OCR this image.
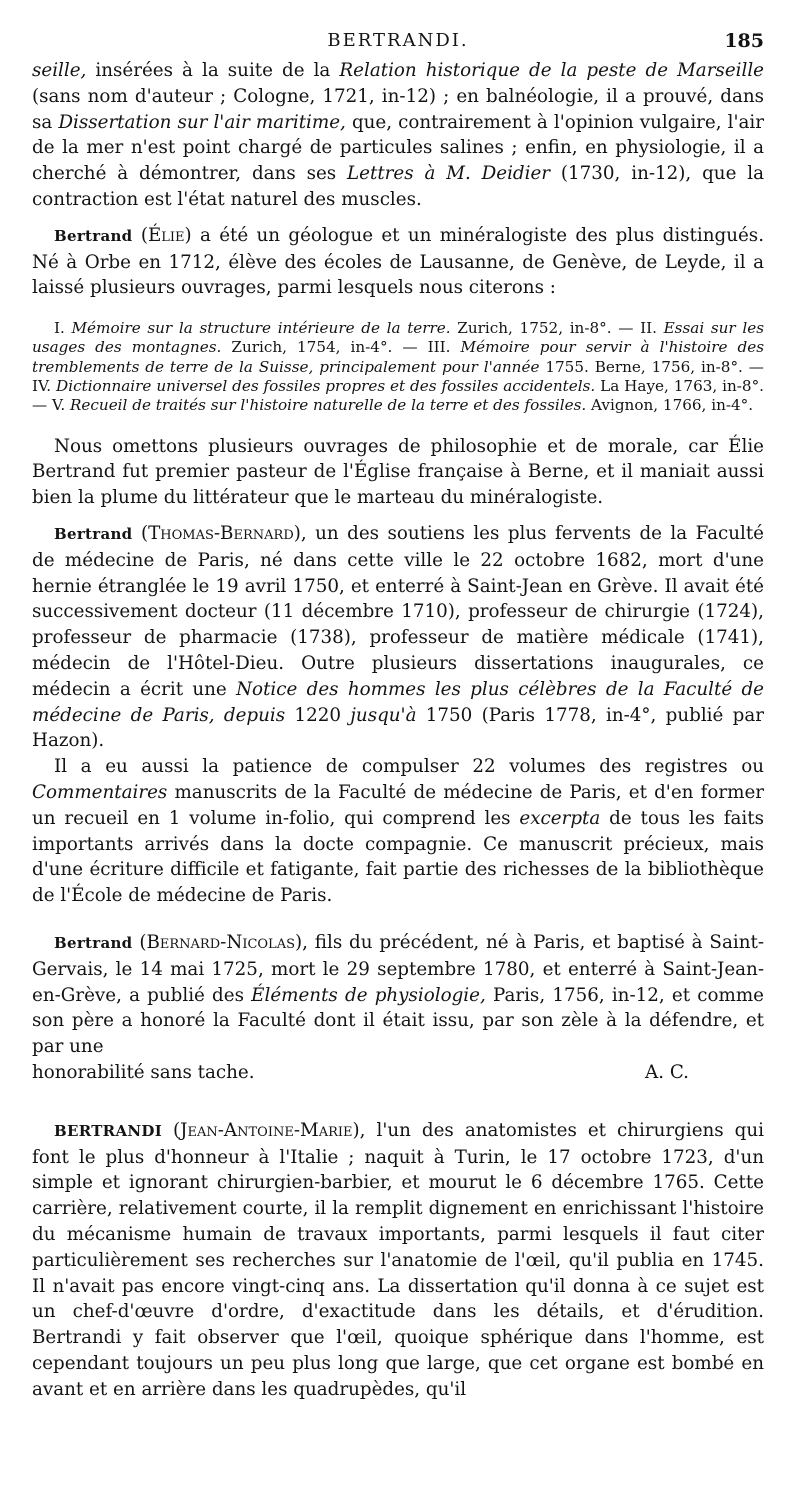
BERTRANDI.	185

seille, insérées à la suite de la Relation historique de la peste de Marseille (sans nom d'auteur ; Cologne, 1721, in-12) ; en balnéologie, il a prouvé, dans sa Dissertation sur l'air maritime, que, contrairement à l'opinion vulgaire, l'air de la mer n'est point chargé de particules salines ; enfin, en physiologie, il a cherché à démontrer, dans ses Lettres à M. Deidier (1730, in-12), que la contraction est l'état naturel des muscles.

Bertrand (Élie) a été un géologue et un minéralogiste des plus distingués. Né à Orbe en 1712, élève des écoles de Lausanne, de Genève, de Leyde, il a laissé plusieurs ouvrages, parmi lesquels nous citerons :

I. Mémoire sur la structure intérieure de la terre. Zurich, 1752, in-8°. — II. Essai sur les usages des montagnes. Zurich, 1754, in-4°. — III. Mémoire pour servir à l'histoire des tremblements de terre de la Suisse, principalement pour l'année 1755. Berne, 1756, in-8°. — IV. Dictionnaire universel des fossiles propres et des fossiles accidentels. La Haye, 1763, in-8°. — V. Recueil de traités sur l'histoire naturelle de la terre et des fossiles. Avignon, 1766, in-4°.

Nous omettons plusieurs ouvrages de philosophie et de morale, car Élie Bertrand fut premier pasteur de l'Église française à Berne, et il maniait aussi bien la plume du littérateur que le marteau du minéralogiste.

Bertrand (Thomas-Bernard), un des soutiens les plus fervents de la Faculté de médecine de Paris, né dans cette ville le 22 octobre 1682, mort d'une hernie étranglée le 19 avril 1750, et enterré à Saint-Jean en Grève. Il avait été successivement docteur (11 décembre 1710), professeur de chirurgie (1724), professeur de pharmacie (1738), professeur de matière médicale (1741), médecin de l'Hôtel-Dieu. Outre plusieurs dissertations inaugurales, ce médecin a écrit une Notice des hommes les plus célèbres de la Faculté de médecine de Paris, depuis 1220 jusqu'à 1750 (Paris 1778, in-4°, publié par Hazon).

Il a eu aussi la patience de compulser 22 volumes des registres ou Commentaires manuscrits de la Faculté de médecine de Paris, et d'en former un recueil en 1 volume in-folio, qui comprend les excerpta de tous les faits importants arrivés dans la docte compagnie. Ce manuscrit précieux, mais d'une écriture difficile et fatigante, fait partie des richesses de la bibliothèque de l'École de médecine de Paris.

Bertrand (Bernard-Nicolas), fils du précédent, né à Paris, et baptisé à Saint-Gervais, le 14 mai 1725, mort le 29 septembre 1780, et enterré à Saint-Jean-en-Grève, a publié des Éléments de physiologie, Paris, 1756, in-12, et comme son père a honoré la Faculté dont il était issu, par son zèle à la défendre, et par une

honorabilité sans tache.	A. C.

BERTRANDI (Jean-Antoine-Marie), l'un des anatomistes et chirurgiens qui font le plus d'honneur à l'Italie ; naquit à Turin, le 17 octobre 1723, d'un simple et ignorant chirurgien-barbier, et mourut le 6 décembre 1765. Cette carrière, relativement courte, il la remplit dignement en enrichissant l'histoire du mécanisme humain de travaux importants, parmi lesquels il faut citer particulièrement ses recherches sur l'anatomie de l'œil, qu'il publia en 1745. Il n'avait pas encore vingt-cinq ans. La dissertation qu'il donna à ce sujet est un chef-d'œuvre d'ordre, d'exactitude dans les détails, et d'érudition. Bertrandi y fait observer que l'œil, quoique sphérique dans l'homme, est cependant toujours un peu plus long que large, que cet organe est bombé en avant et en arrière dans les quadrupèdes, qu'il
